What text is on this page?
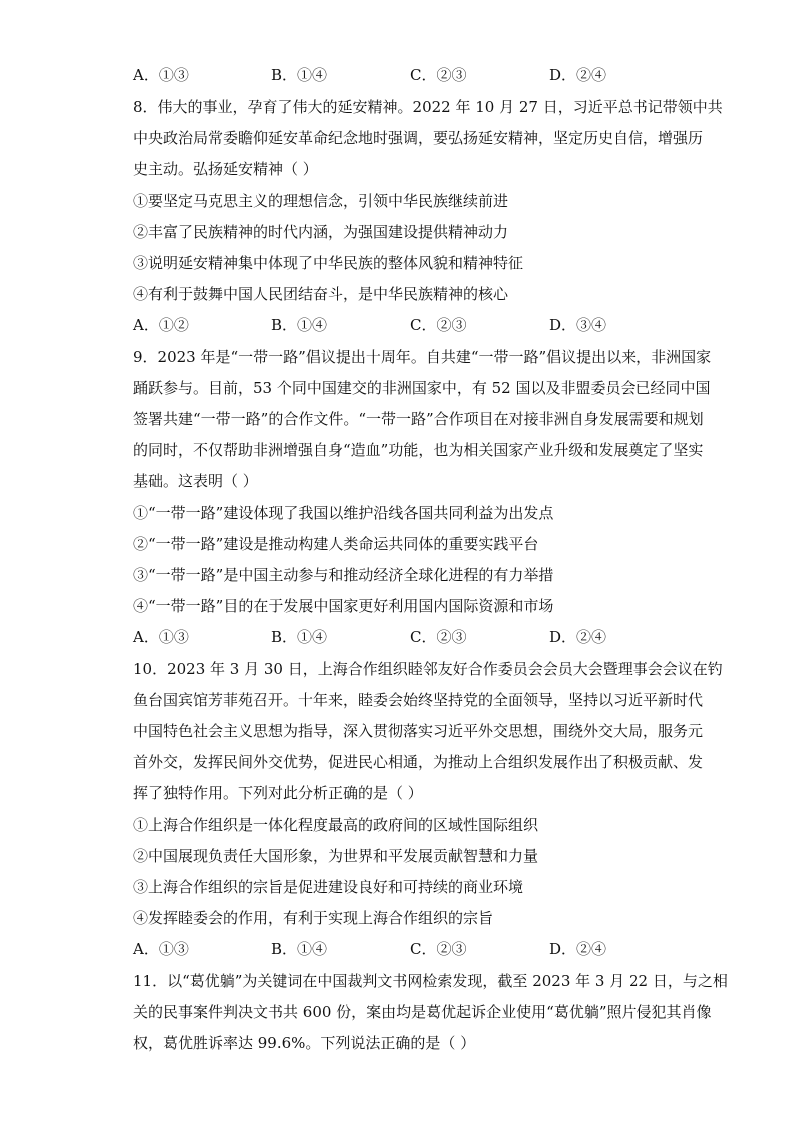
A．①③	B．①④	C．②③	D．②④
8．伟大的事业，孕育了伟大的延安精神。2022 年 10 月 27 日，习近平总书记带领中共
中央政治局常委瞻仰延安革命纪念地时强调，要弘扬延安精神，坚定历史自信，增强历
史主动。弘扬延安精神（ ）
①要坚定马克思主义的理想信念，引领中华民族继续前进
②丰富了民族精神的时代内涵，为强国建设提供精神动力
③说明延安精神集中体现了中华民族的整体风貌和精神特征
④有利于鼓舞中国人民团结奋斗，是中华民族精神的核心
A．①②	B．①④	C．②③	D．③④
9．2023 年是“一带一路”倡议提出十周年。自共建“一带一路”倡议提出以来，非洲国家
踊跃参与。目前，53 个同中国建交的非洲国家中，有 52 国以及非盟委员会已经同中国
签署共建“一带一路”的合作文件。“一带一路”合作项目在对接非洲自身发展需要和规划
的同时，不仅帮助非洲增强自身“造血”功能，也为相关国家产业升级和发展奠定了坚实
基础。这表明（ ）
①“一带一路”建设体现了我国以维护沿线各国共同利益为出发点
②“一带一路”建设是推动构建人类命运共同体的重要实践平台
③“一带一路”是中国主动参与和推动经济全球化进程的有力举措
④“一带一路”目的在于发展中国家更好利用国内国际资源和市场
A．①③	B．①④	C．②③	D．②④
10．2023 年 3 月 30 日，上海合作组织睦邻友好合作委员会会员大会暨理事会会议在钓
鱼台国宾馆芳菲苑召开。十年来，睦委会始终坚持党的全面领导，坚持以习近平新时代
中国特色社会主义思想为指导，深入贯彻落实习近平外交思想，围绕外交大局，服务元
首外交，发挥民间外交优势，促进民心相通，为推动上合组织发展作出了积极贡献、发
挥了独特作用。下列对此分析正确的是（ ）
①上海合作组织是一体化程度最高的政府间的区域性国际组织
②中国展现负责任大国形象，为世界和平发展贡献智慧和力量
③上海合作组织的宗旨是促进建设良好和可持续的商业环境
④发挥睦委会的作用，有利于实现上海合作组织的宗旨
A．①③	B．①④	C．②③	D．②④
11．以“葛优躺”为关键词在中国裁判文书网检索发现，截至 2023 年 3 月 22 日，与之相
关的民事案件判决文书共 600 份，案由均是葛优起诉企业使用“葛优躺”照片侵犯其肖像
权，葛优胜诉率达 99.6%。下列说法正确的是（ ）
